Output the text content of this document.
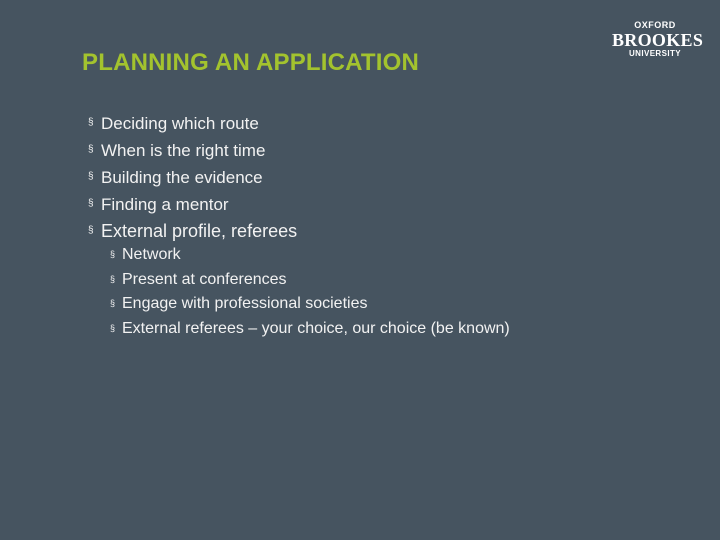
PLANNING AN APPLICATION
OXFORD
BROOKES
UNIVERSITY
§ Deciding which route
§ When is the right time
§ Building the evidence
§ Finding a mentor
§ External profile, referees
§ Network
§ Present at conferences
§ Engage with professional societies
§ External referees – your choice, our choice (be known)
